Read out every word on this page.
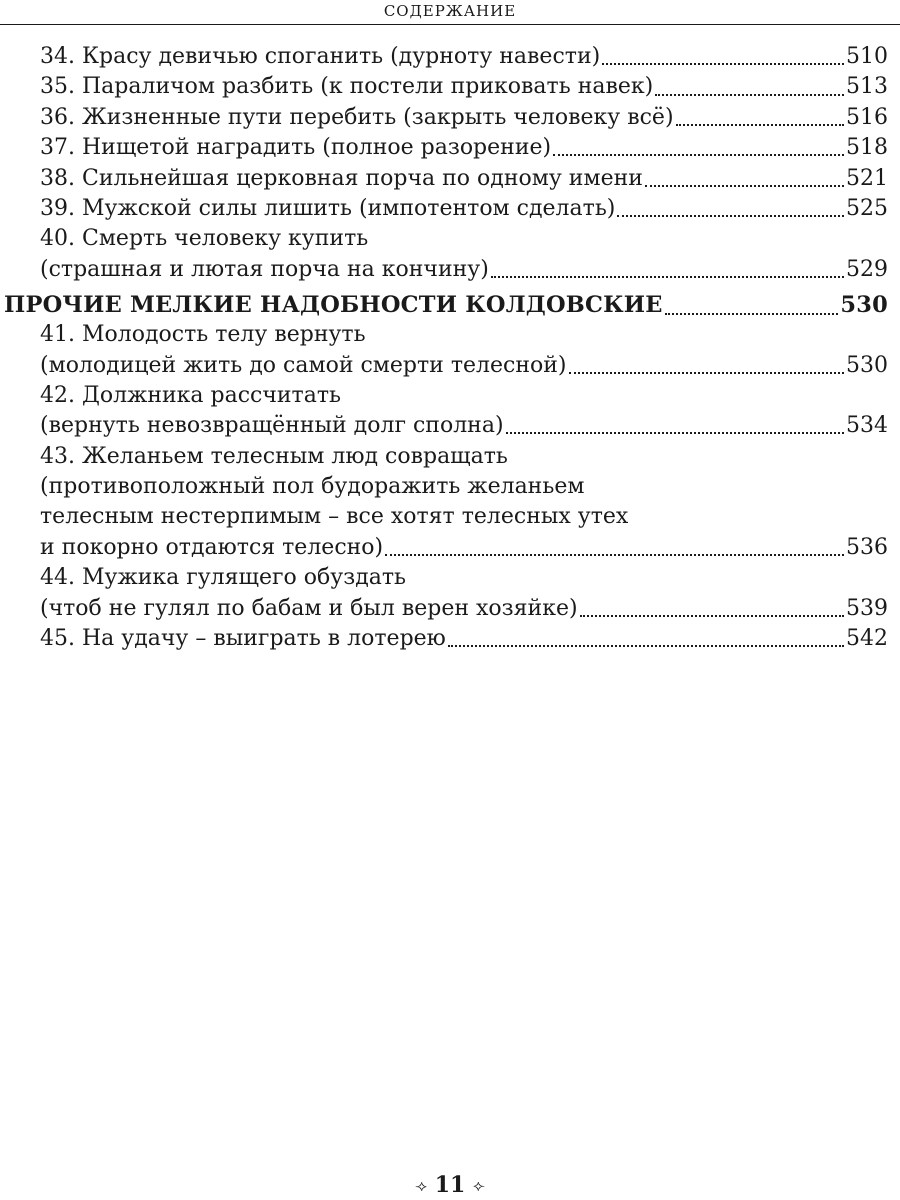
СОДЕРЖАНИЕ
34. Красу девичью споганить (дурноту навести)	510
35. Параличом разбить (к постели приковать навек)	513
36. Жизненные пути перебить (закрыть человеку всё)	516
37. Нищетой наградить (полное разорение)	518
38. Сильнейшая церковная порча по одному имени	521
39. Мужской силы лишить (импотентом сделать)	525
40. Смерть человеку купить
(страшная и лютая порча на кончину)	529
ПРОЧИЕ МЕЛКИЕ НАДОБНОСТИ КОЛДОВСКИЕ	530
41. Молодость телу вернуть
(молодицей жить до самой смерти телесной)	530
42. Должника рассчитать
(вернуть невозвращённый долг сполна)	534
43. Желаньем телесным люд совращать
(противоположный пол будоражить желаньем
телесным нестерпимым – все хотят телесных утех
и покорно отдаются телесно)	536
44. Мужика гулящего обуздать
(чтоб не гулял по бабам и был верен хозяйке)	539
45. На удачу – выиграть в лотерею	542
⟢ 11 ⟣
